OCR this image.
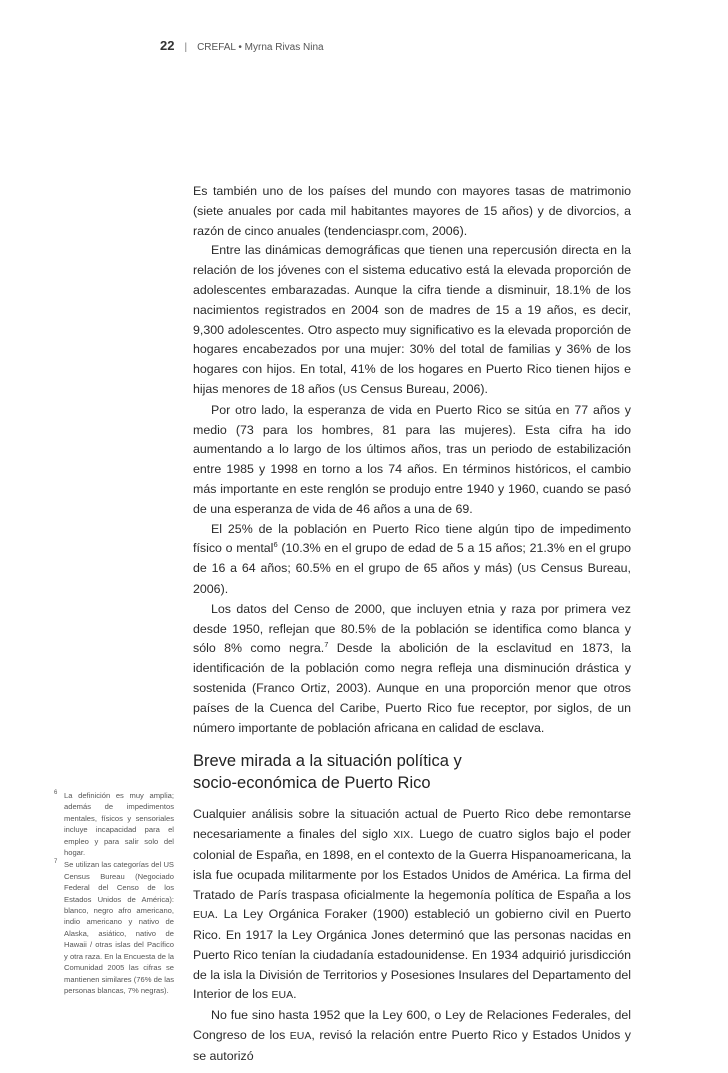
22 | CREFAL • Myrna Rivas Nina

Es también uno de los países del mundo con mayores tasas de matrimonio (siete anuales por cada mil habitantes mayores de 15 años) y de divorcios, a razón de cinco anuales (tendenciaspr.com, 2006).

Entre las dinámicas demográficas que tienen una repercusión directa en la relación de los jóvenes con el sistema educativo está la elevada proporción de adolescentes embarazadas. Aunque la cifra tiende a disminuir, 18.1% de los nacimientos registrados en 2004 son de madres de 15 a 19 años, es decir, 9,300 adolescentes. Otro aspecto muy significativo es la elevada proporción de hogares encabezados por una mujer: 30% del total de familias y 36% de los hogares con hijos. En total, 41% de los hogares en Puerto Rico tienen hijos e hijas menores de 18 años (US Census Bureau, 2006).

Por otro lado, la esperanza de vida en Puerto Rico se sitúa en 77 años y medio (73 para los hombres, 81 para las mujeres). Esta cifra ha ido aumentando a lo largo de los últimos años, tras un periodo de estabilización entre 1985 y 1998 en torno a los 74 años. En términos históricos, el cambio más importante en este renglón se produjo entre 1940 y 1960, cuando se pasó de una esperanza de vida de 46 años a una de 69.

El 25% de la población en Puerto Rico tiene algún tipo de impedimento físico o mental$^6$ (10.3% en el grupo de edad de 5 a 15 años; 21.3% en el grupo de 16 a 64 años; 60.5% en el grupo de 65 años y más) (US Census Bureau, 2006).

Los datos del Censo de 2000, que incluyen etnia y raza por primera vez desde 1950, reflejan que 80.5% de la población se identifica como blanca y sólo 8% como negra.$^7$ Desde la abolición de la esclavitud en 1873, la identificación de la población como negra refleja una disminución drástica y sostenida (Franco Ortiz, 2003). Aunque en una proporción menor que otros países de la Cuenca del Caribe, Puerto Rico fue receptor, por siglos, de un número importante de población africana en calidad de esclava.

Breve mirada a la situación política y
socio-económica de Puerto Rico

Cualquier análisis sobre la situación actual de Puerto Rico debe remontarse necesariamente a finales del siglo XIX. Luego de cuatro siglos bajo el poder colonial de España, en 1898, en el contexto de la Guerra Hispanoamericana, la isla fue ocupada militarmente por los Estados Unidos de América. La firma del Tratado de París traspasa oficialmente la hegemonía política de España a los EUA. La Ley Orgánica Foraker (1900) estableció un gobierno civil en Puerto Rico. En 1917 la Ley Orgánica Jones determinó que las personas nacidas en Puerto Rico tenían la ciudadanía estadounidense. En 1934 adquirió jurisdicción de la isla la División de Territorios y Posesiones Insulares del Departamento del Interior de los EUA.

No fue sino hasta 1952 que la Ley 600, o Ley de Relaciones Federales, del Congreso de los EUA, revisó la relación entre Puerto Rico y Estados Unidos y se autorizó

6 La definición es muy amplia; además de impedimentos mentales, físicos y sensoriales incluye incapacidad para el empleo y para salir solo del hogar.
7 Se utilizan las categorías del US Census Bureau (Negociado Federal del Censo de los Estados Unidos de América): blanco, negro afro americano, indio americano y nativo de Alaska, asiático, nativo de Hawaii / otras islas del Pacífico y otra raza. En la Encuesta de la Comunidad 2005 las cifras se mantienen similares (76% de las personas blancas, 7% negras).
